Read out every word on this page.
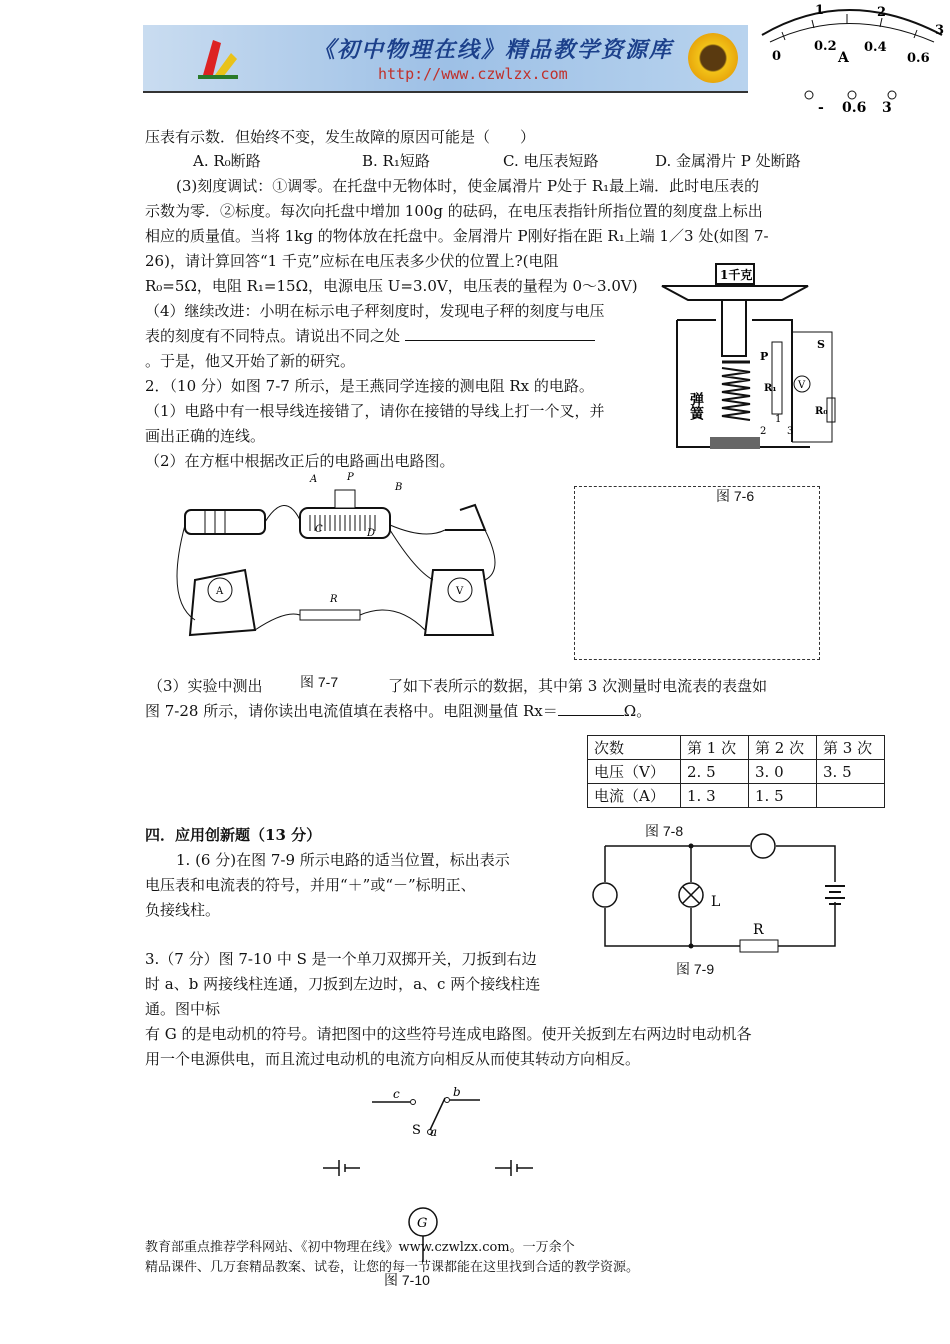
《初中物理在线》精品教学资源库
http://www.czwlzx.com
0
1	2
3
0.2 0.4
0.6
A
- 0.6 3
压表有示数．但始终不变，发生故障的原因可能是（　　）
A. R₀断路	B. R₁短路	C. 电压表短路	D. 金属滑片 P 处断路
(3)刻度调试：①调零。在托盘中无物体时，使金属滑片 P处于 R₁最上端．此时电压表的
示数为零．②标度。每次向托盘中增加 100g 的砝码，在电压表指针所指位置的刻度盘上标出
相应的质量值。当将 1kg 的物体放在托盘中。金屑滑片 P刚好指在距 R₁上端 1／3 处(如图 7-
26)，请计算回答“1 千克”应标在电压表多少伏的位置上?(电阻
R₀=5Ω，电阻 R₁=15Ω，电源电压 U=3.0V，电压表的量程为 0～3.0V)
（4）继续改进：小明在标示电子秤刻度时，发现电子秤的刻度与电压
表的刻度有不同特点。请说出不同之处
。于是，他又开始了新的研究。
2．（10 分）如图 7-7 所示，是王燕同学连接的测电阻 Rx 的电路。
（1）电路中有一根导线连接错了，请你在接错的导线上打一个叉，并
画出正确的连线。
（2）在方框中根据改正后的电路画出电路图。
1千克
弹簧
R₁
P
V
R₀
S
1
2 3
图 7-6
A	P
B
C	D
A
R
V
（3）实验中测出	图 7-7	了如下表所示的数据，其中第 3 次测量时电流表的表盘如
图 7-28 所示，请你读出电流值填在表格中。电阻测量值 Rx＝	Ω。
次数	第 1 次	第 2 次	第 3 次
电压（V）	2. 5	3. 0	3. 5
电流（A）	1. 3	1. 5	
图 7-8
四．应用创新题（13 分）
1. (6 分)在图 7-9 所示电路的适当位置，标出表示
电压表和电流表的符号，并用“＋”或“－”标明正、
负接线柱。	L
R
图 7-9
3.（7 分）图 7-10 中 S 是一个单刀双掷开关，刀扳到右边
时 a、b 两接线柱连通，刀扳到左边时，a、c 两个接线柱连
通。图中标
有 G 的是电动机的符号。请把图中的这些符号连成电路图。使开关扳到左右两边时电动机各
用一个电源供电，而且流过电动机的电流方向相反从而使其转动方向相反。
c	b
a
S
G
教育部重点推荐学科网站、《初中物理在线》www.czwlzx.com。一万余个
精品课件、几万套精品教案、试卷，让您的每一节课都能在这里找到合适的教学资源。
图 7-10
